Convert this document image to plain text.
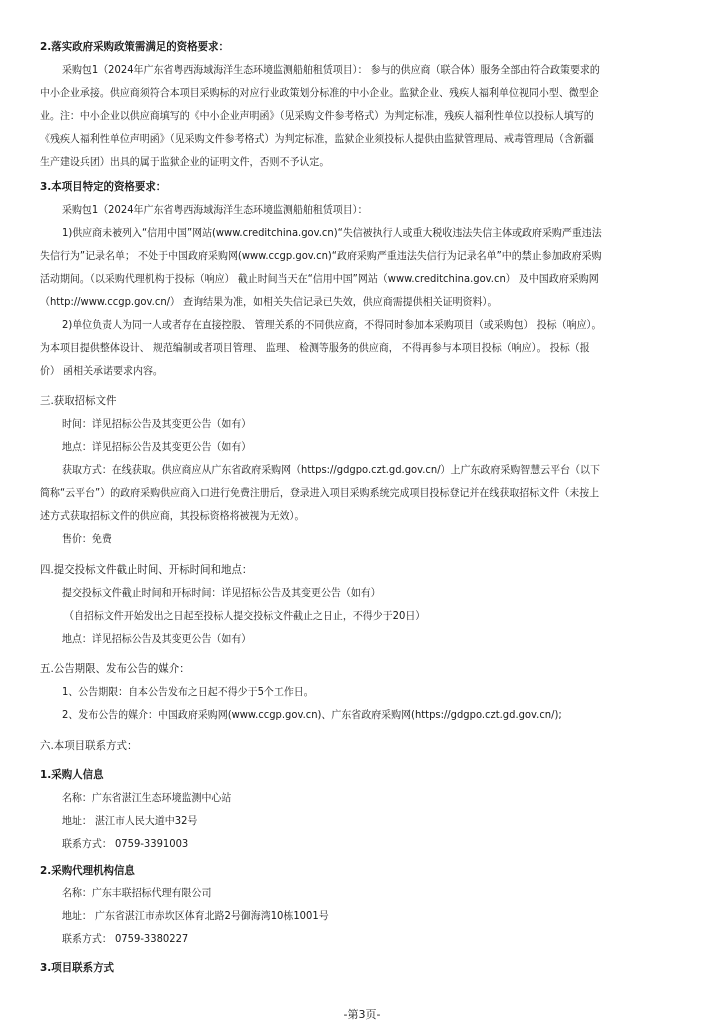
2.落实政府采购政策需满足的资格要求：
采购包1（2024年广东省粤西海域海洋生态环境监测船舶租赁项目）： 参与的供应商（联合体）服务全部由符合政策要求的
中小企业承接。供应商须符合本项目采购标的对应行业政策划分标准的中小企业。监狱企业、残疾人福利单位视同小型、微型企
业。注：中小企业以供应商填写的《中小企业声明函》（见采购文件参考格式）为判定标准，残疾人福利性单位以投标人填写的
《残疾人福利性单位声明函》（见采购文件参考格式）为判定标准，监狱企业须投标人提供由监狱管理局、戒毒管理局（含新疆
生产建设兵团）出具的属于监狱企业的证明文件，否则不予认定。
3.本项目特定的资格要求：
采购包1（2024年广东省粤西海域海洋生态环境监测船舶租赁项目）：
1)供应商未被列入“信用中国”网站(www.creditchina.gov.cn)“失信被执行人或重大税收违法失信主体或政府采购严重违法
失信行为”记录名单； 不处于中国政府采购网(www.ccgp.gov.cn)“政府采购严重违法失信行为记录名单”中的禁止参加政府采购
活动期间。（以采购代理机构于投标（响应） 截止时间当天在“信用中国”网站（www.creditchina.gov.cn） 及中国政府采购网
（http://www.ccgp.gov.cn/） 查询结果为准，如相关失信记录已失效，供应商需提供相关证明资料）。
2)单位负责人为同一人或者存在直接控股、 管理关系的不同供应商，不得同时参加本采购项目（或采购包） 投标（响应）。
为本项目提供整体设计、 规范编制或者项目管理、 监理、 检测等服务的供应商， 不得再参与本项目投标（响应）。 投标（报
价） 函相关承诺要求内容。
三.获取招标文件
时间：详见招标公告及其变更公告（如有）
地点：详见招标公告及其变更公告（如有）
获取方式：在线获取。供应商应从广东省政府采购网（https://gdgpo.czt.gd.gov.cn/）上广东政府采购智慧云平台（以下
简称“云平台”）的政府采购供应商入口进行免费注册后，登录进入项目采购系统完成项目投标登记并在线获取招标文件（未按上
述方式获取招标文件的供应商，其投标资格将被视为无效）。
售价：免费
四.提交投标文件截止时间、开标时间和地点：
提交投标文件截止时间和开标时间：详见招标公告及其变更公告（如有）
（自招标文件开始发出之日起至投标人提交投标文件截止之日止，不得少于20日）
地点：详见招标公告及其变更公告（如有）
五.公告期限、发布公告的媒介：
1、公告期限：自本公告发布之日起不得少于5个工作日。
2、发布公告的媒介：中国政府采购网(www.ccgp.gov.cn)、广东省政府采购网(https://gdgpo.czt.gd.gov.cn/);
六.本项目联系方式：
1.采购人信息
名称：广东省湛江生态环境监测中心站
地址： 湛江市人民大道中32号
联系方式： 0759-3391003
2.采购代理机构信息
名称：广东丰联招标代理有限公司
地址： 广东省湛江市赤坎区体育北路2号御海湾10栋1001号
联系方式： 0759-3380227
3.项目联系方式
-第3页-
